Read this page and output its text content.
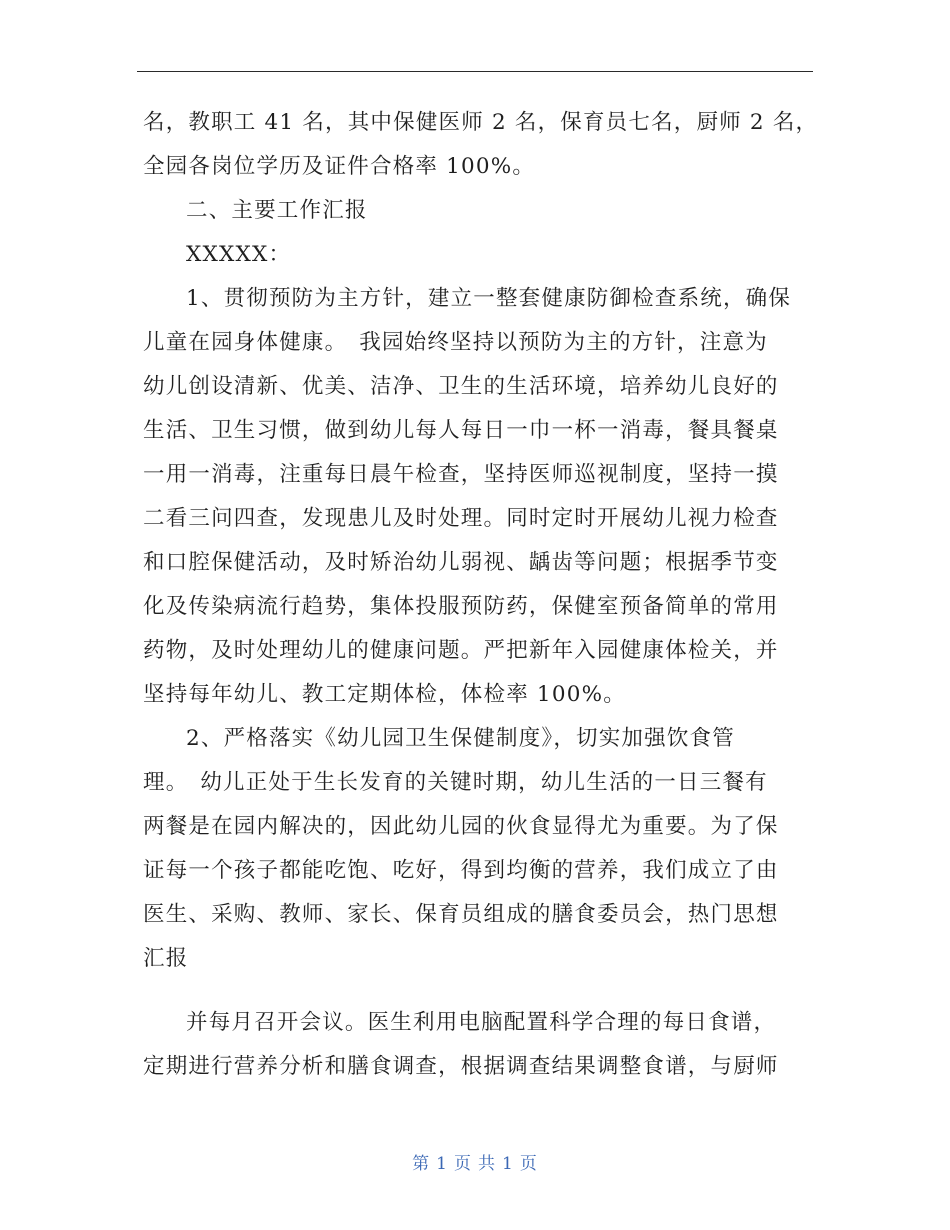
名，教职工 41 名，其中保健医师 2 名，保育员七名，厨师 2 名，
全园各岗位学历及证件合格率 100%。
二、主要工作汇报
XXXXX：
1、贯彻预防为主方针，建立一整套健康防御检查系统，确保
儿童在园身体健康。　我园始终坚持以预防为主的方针，注意为
幼儿创设清新、优美、洁净、卫生的生活环境，培养幼儿良好的
生活、卫生习惯，做到幼儿每人每日一巾一杯一消毒，餐具餐桌
一用一消毒，注重每日晨午检查，坚持医师巡视制度，坚持一摸
二看三问四查，发现患儿及时处理。同时定时开展幼儿视力检查
和口腔保健活动，及时矫治幼儿弱视、龋齿等问题；根据季节变
化及传染病流行趋势，集体投服预防药，保健室预备简单的常用
药物，及时处理幼儿的健康问题。严把新年入园健康体检关，并
坚持每年幼儿、教工定期体检，体检率 100%。
2、严格落实《幼儿园卫生保健制度》，切实加强饮食管
理。　幼儿正处于生长发育的关键时期，幼儿生活的一日三餐有
两餐是在园内解决的，因此幼儿园的伙食显得尤为重要。为了保
证每一个孩子都能吃饱、吃好，得到均衡的营养，我们成立了由
医生、采购、教师、家长、保育员组成的膳食委员会，热门思想
汇报
并每月召开会议。医生利用电脑配置科学合理的每日食谱，
定期进行营养分析和膳食调查，根据调查结果调整食谱，与厨师
第 1 页 共 1 页
